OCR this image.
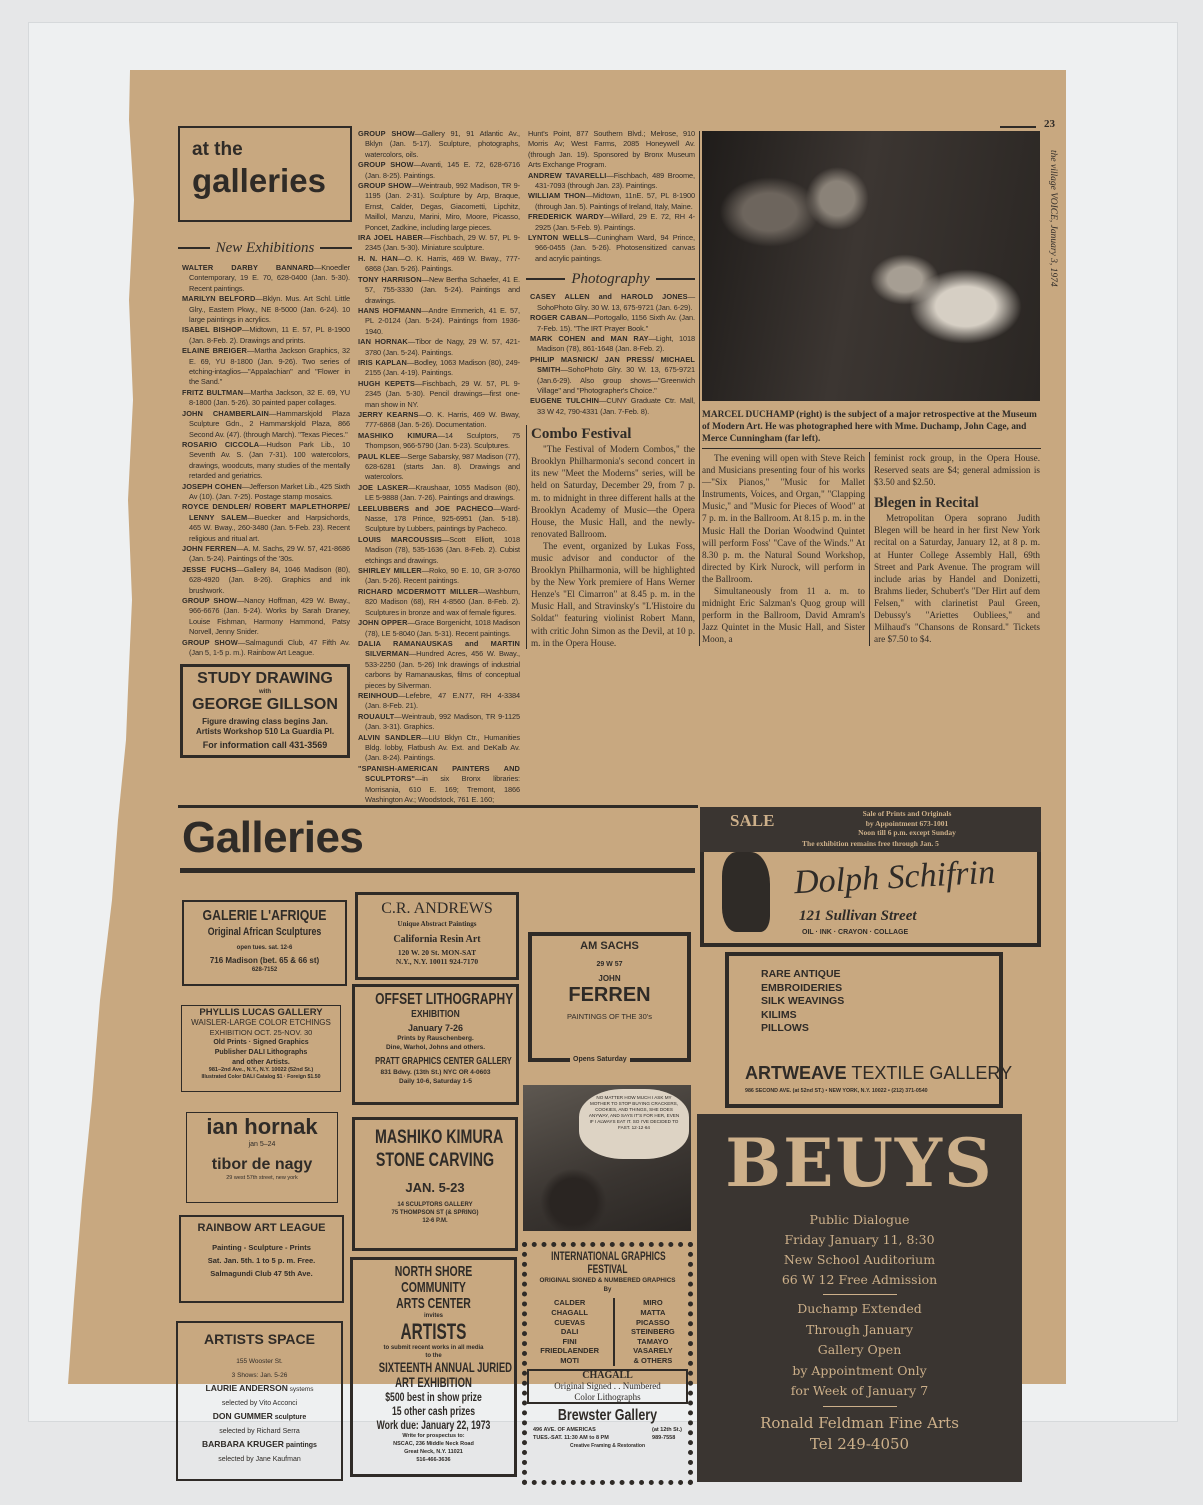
23
the village VOICE, January 3, 1974
at the
galleries
New Exhibitions
WALTER DARBY BANNARD—Knoedler Contemporary, 19 E. 70, 628-0400 (Jan. 5-30). Recent paintings.
MARILYN BELFORD—Bklyn. Mus. Art Schl. Little Glry., Eastern Pkwy., NE 8-5000 (Jan. 6-24). 10 large paintings in acrylics.
ISABEL BISHOP—Midtown, 11 E. 57, PL 8-1900 (Jan. 8-Feb. 2). Drawings and prints.
ELAINE BREIGER—Martha Jackson Graphics, 32 E. 69, YU 8-1800 (Jan. 9-26). Two series of etching-intaglios—"Appalachian" and "Flower in the Sand."
FRITZ BULTMAN—Martha Jackson, 32 E. 69, YU 8-1800 (Jan. 5-26). 30 painted paper collages.
JOHN CHAMBERLAIN—Hammarskjold Plaza Sculpture Gdn., 2 Hammarskjold Plaza, 866 Second Av. (47). (through March). "Texas Pieces."
ROSARIO CICCOLA—Hudson Park Lib., 10 Seventh Av. S. (Jan 7-31). 100 watercolors, drawings, woodcuts, many studies of the mentally retarded and geriatrics.
JOSEPH COHEN—Jefferson Market Lib., 425 Sixth Av (10). (Jan. 7-25). Postage stamp mosaics.
ROYCE DENDLER/ ROBERT MAPLETHORPE/ LENNY SALEM—Buecker and Harpsichords, 465 W. Bway., 260-3480 (Jan. 5-Feb. 23). Recent religious and ritual art.
JOHN FERREN—A. M. Sachs, 29 W. 57, 421-8686 (Jan. 5-24). Paintings of the '30s.
JESSE FUCHS—Gallery 84, 1046 Madison (80), 628-4920 (Jan. 8-26). Graphics and ink brushwork.
GROUP SHOW—Nancy Hoffman, 429 W. Bway., 966-6676 (Jan. 5-24). Works by Sarah Draney, Louise Fishman, Harmony Hammond, Patsy Norvell, Jenny Snider.
GROUP SHOW—Salmagundi Club, 47 Fifth Av. (Jan 5, 1-5 p. m.). Rainbow Art League.
STUDY DRAWING
with
GEORGE GILLSON
Figure drawing class begins Jan.
Artists Workshop 510 La Guardia Pl.
For information call 431-3569
GROUP SHOW—Gallery 91, 91 Atlantic Av., Bklyn (Jan. 5-17). Sculpture, photographs, watercolors, oils.
GROUP SHOW—Avanti, 145 E. 72, 628-6716 (Jan. 8-25). Paintings.
GROUP SHOW—Weintraub, 992 Madison, TR 9-1195 (Jan. 2-31). Sculpture by Arp, Braque, Ernst, Calder, Degas, Giacometti, Lipchitz, Maillol, Manzu, Marini, Miro, Moore, Picasso, Poncet, Zadkine, including large pieces.
IRA JOEL HABER—Fischbach, 29 W. 57, PL 9-2345 (Jan. 5-30). Miniature sculpture.
H. N. HAN—O. K. Harris, 469 W. Bway., 777-6868 (Jan. 5-26). Paintings.
TONY HARRISON—New Bertha Schaefer, 41 E. 57, 755-3330 (Jan. 5-24). Paintings and drawings.
HANS HOFMANN—Andre Emmerich, 41 E. 57, PL 2-0124 (Jan. 5-24). Paintings from 1936-1940.
IAN HORNAK—Tibor de Nagy, 29 W. 57, 421-3780 (Jan. 5-24). Paintings.
IRIS KAPLAN—Bodley, 1063 Madison (80), 249-2155 (Jan. 4-19). Paintings.
HUGH KEPETS—Fischbach, 29 W. 57, PL 9-2345 (Jan. 5-30). Pencil drawings—first one-man show in NY.
JERRY KEARNS—O. K. Harris, 469 W. Bway, 777-6868 (Jan. 5-26). Documentation.
MASHIKO KIMURA—14 Sculptors, 75 Thompson, 966-5790 (Jan. 5-23). Sculptures.
PAUL KLEE—Serge Sabarsky, 987 Madison (77), 628-6281 (starts Jan. 8). Drawings and watercolors.
JOE LASKER—Kraushaar, 1055 Madison (80), LE 5-9888 (Jan. 7-26). Paintings and drawings.
LEELUBBERS and JOE PACHECO—Ward-Nasse, 178 Prince, 925-6951 (Jan. 5-18). Sculpture by Lubbers, paintings by Pacheco.
LOUIS MARCOUSSIS—Scott Elliott, 1018 Madison (78), 535-1636 (Jan. 8-Feb. 2). Cubist etchings and drawings.
SHIRLEY MILLER—Roko, 90 E. 10, GR 3-0760 (Jan. 5-26). Recent paintings.
RICHARD MCDERMOTT MILLER—Washburn, 820 Madison (68), RH 4-8560 (Jan. 8-Feb. 2). Sculptures in bronze and wax of female figures.
JOHN OPPER—Grace Borgenicht, 1018 Madison (78), LE 5-8040 (Jan. 5-31). Recent paintings.
DALIA RAMANAUSKAS and MARTIN SILVERMAN—Hundred Acres, 456 W. Bway., 533-2250 (Jan. 5-26) Ink drawings of industrial carbons by Ramanauskas, films of conceptual pieces by Silverman.
REINHOUD—Lefebre, 47 E.N77, RH 4-3384 (Jan. 8-Feb. 21).
ROUAULT—Weintraub, 992 Madison, TR 9-1125 (Jan. 3-31). Graphics.
ALVIN SANDLER—LIU Bklyn Ctr., Humanities Bldg. lobby, Flatbush Av. Ext. and DeKalb Av. (Jan. 8-24). Paintings.
"SPANISH-AMERICAN PAINTERS AND SCULPTORS"—in six Bronx libraries: Morrisania, 610 E. 169; Tremont, 1866 Washington Av.; Woodstock, 761 E. 160;
Hunt's Point, 877 Southern Blvd.; Melrose, 910 Morris Av; West Farms, 2085 Honeywell Av. (through Jan. 19). Sponsored by Bronx Museum Arts Exchange Program.
ANDREW TAVARELLI—Fischbach, 489 Broome, 431-7093 (through Jan. 23). Paintings.
WILLIAM THON—Midtown, 11nE. 57, PL 8-1900 (through Jan. 5). Paintings of Ireland, Italy, Maine.
FREDERICK WARDY—Willard, 29 E. 72, RH 4-2925 (Jan. 5-Feb. 9). Paintings.
LYNTON WELLS—Cuningham Ward, 94 Prince, 966-0455 (Jan. 5-26). Photosensitized canvas and acrylic paintings.
Photography
CASEY ALLEN and HAROLD JONES—SohoPhoto Glry. 30 W. 13, 675-9721 (Jan. 6-29).
ROGER CABAN—Portogallo, 1156 Sixth Av. (Jan. 7-Feb. 15). "The IRT Prayer Book."
MARK COHEN and MAN RAY—Light, 1018 Madison (78), 861-1648 (Jan. 8-Feb. 2).
PHILIP MASNICK/ JAN PRESS/ MICHAEL SMITH—SohoPhoto Glry. 30 W. 13, 675-9721 (Jan.6-29). Also group shows—"Greenwich Village" and "Photographer's Choice."
EUGENE TULCHIN—CUNY Graduate Ctr. Mall, 33 W 42, 790-4331 (Jan. 7-Feb. 8).
Combo Festival

"The Festival of Modern Combos," the Brooklyn Philharmonia's second concert in its new "Meet the Moderns" series, will be held on Saturday, December 29, from 7 p. m. to midnight in three different halls at the Brooklyn Academy of Music—the Opera House, the Music Hall, and the newly-renovated Ballroom.

The event, organized by Lukas Foss, music advisor and conductor of the Brooklyn Philharmonia, will be highlighted by the New York premiere of Hans Werner Henze's "El Cimarron" at 8.45 p. m. in the Music Hall, and Stravinsky's "L'Histoire du Soldat" featuring violinist Robert Mann, with critic John Simon as the Devil, at 10 p. m. in the Opera House.

MARCEL DUCHAMP (right) is the subject of a major retrospective at the Museum of Modern Art. He was photographed here with Mme. Duchamp, John Cage, and Merce Cunningham (far left).

The evening will open with Steve Reich and Musicians presenting four of his works—"Six Pianos," "Music for Mallet Instruments, Voices, and Organ," "Clapping Music," and "Music for Pieces of Wood" at 7 p. m. in the Ballroom. At 8.15 p. m. in the Music Hall the Dorian Woodwind Quintet will perform Foss' "Cave of the Winds." At 8.30 p. m. the Natural Sound Workshop, directed by Kirk Nurock, will perform in the Ballroom.

Simultaneously from 11 a. m. to midnight Eric Salzman's Quog group will perform in the Ballroom, David Amram's Jazz Quintet in the Music Hall, and Sister Moon, a

feminist rock group, in the Opera House. Reserved seats are $4; general admission is $3.50 and $2.50.
Blegen in Recital

Metropolitan Opera soprano Judith Blegen will be heard in her first New York recital on a Saturday, January 12, at 8 p. m. at Hunter College Assembly Hall, 69th Street and Park Avenue. The program will include arias by Handel and Donizetti, Brahms lieder, Schubert's "Der Hirt auf dem Felsen," with clarinetist Paul Green, Debussy's "Ariettes Oubliees," and Milhaud's "Chansons de Ronsard." Tickets are $7.50 to $4.

Galleries
GALERIE L'AFRIQUE
Original African Sculptures
open tues. sat. 12-6
716 Madison (bet. 65 & 66 st)
628-7152
PHYLLIS LUCAS GALLERY
WAISLER-LARGE COLOR ETCHINGS
EXHIBITION OCT. 25-NOV. 30
Old Prints · Signed Graphics
Publisher DALI Lithographs
and other Artists.
981–2nd Ave., N.Y., N.Y. 10022 (52nd St.)
Illustrated Color DALI Catalog $1 · Foreign $1.50
ian hornak
jan 5–24
tibor de nagy
29 west 57th street, new york
RAINBOW ART LEAGUE
Painting - Sculpture - Prints
Sat. Jan. 5th. 1 to 5 p. m. Free.
Salmagundi Club 47 5th Ave.
ARTISTS SPACE
155 Wooster St.
3 Shows: Jan. 5-26
LAURIE ANDERSON systems
selected by Vito Acconci
DON GUMMER sculpture
selected by Richard Serra
BARBARA KRUGER paintings
selected by Jane Kaufman
C.R. ANDREWS
Unique Abstract Paintings
California Resin Art
120 W. 20 St. MON-SAT
N.Y., N.Y. 10011 924-7170
OFFSET LITHOGRAPHY
EXHIBITION
January 7-26
Prints by Rauschenberg.
Dine, Warhol, Johns and others.
PRATT GRAPHICS CENTER GALLERY
831 Bdwy. (13th St.) NYC OR 4-0603
Daily 10-6, Saturday 1-5
MASHIKO KIMURA
STONE CARVING
JAN. 5-23
14 SCULPTORS GALLERY
75 THOMPSON ST (& SPRING)
12-6 P.M.
NORTH SHORE
COMMUNITY
ARTS CENTER
invites
ARTISTS
to submit recent works in all media
to the
SIXTEENTH ANNUAL JURIED
ART EXHIBITION
$500 best in show prize
15 other cash prizes
Work due: January 22, 1973
Write for prospectus to:
NSCAC, 236 Middle Neck Road
Great Neck, N.Y. 11021
516-466-3636
AM SACHS
29 W 57
JOHN
FERREN
PAINTINGS OF THE 30's
Opens Saturday
NO MATTER HOW MUCH I ASK MY MOTHER TO STOP BUYING CRACKERS, COOKIES, AND THINGS, SHE DOES ANYWAY, AND SAYS IT'S FOR HER, EVEN IF I ALWAYS EAT IT. SO I'VE DECIDED TO FAST. 12·12·64
INTERNATIONAL GRAPHICS
FESTIVAL
ORIGINAL SIGNED & NUMBERED GRAPHICS
By
CALDER
CHAGALL
CUEVAS
DALI
FINI
FRIEDLAENDER
MOTI
MIRO
MATTA
PICASSO
STEINBERG
TAMAYO
VASARELY
& OTHERS
CHAGALL
Original Signed . . Numbered
Color Lithographs
Brewster Gallery
496 AVE. OF AMERICAS	(at 12th St.)
TUES.-SAT. 11:30 AM to 8 PM	989-7558
Creative Framing & Restoration
SALE	Sale of Prints and Originals
by Appointment 673-1001
Noon till 6 p.m. except Sunday
The exhibition remains free through Jan. 5
Dolph Schifrin
121 Sullivan Street
OIL · INK · CRAYON · COLLAGE
RARE ANTIQUE
EMBROIDERIES
SILK WEAVINGS
KILIMS
PILLOWS
ARTWEAVE TEXTILE GALLERY
986 SECOND AVE. (at 52nd ST.) • NEW YORK, N.Y. 10022 • (212) 371-0540
BEUYS
Public Dialogue
Friday January 11, 8:30
New School Auditorium
66 W 12 Free Admission
Duchamp Extended
Through January
Gallery Open
by Appointment Only
for Week of January 7
Ronald Feldman Fine Arts
Tel 249-4050
